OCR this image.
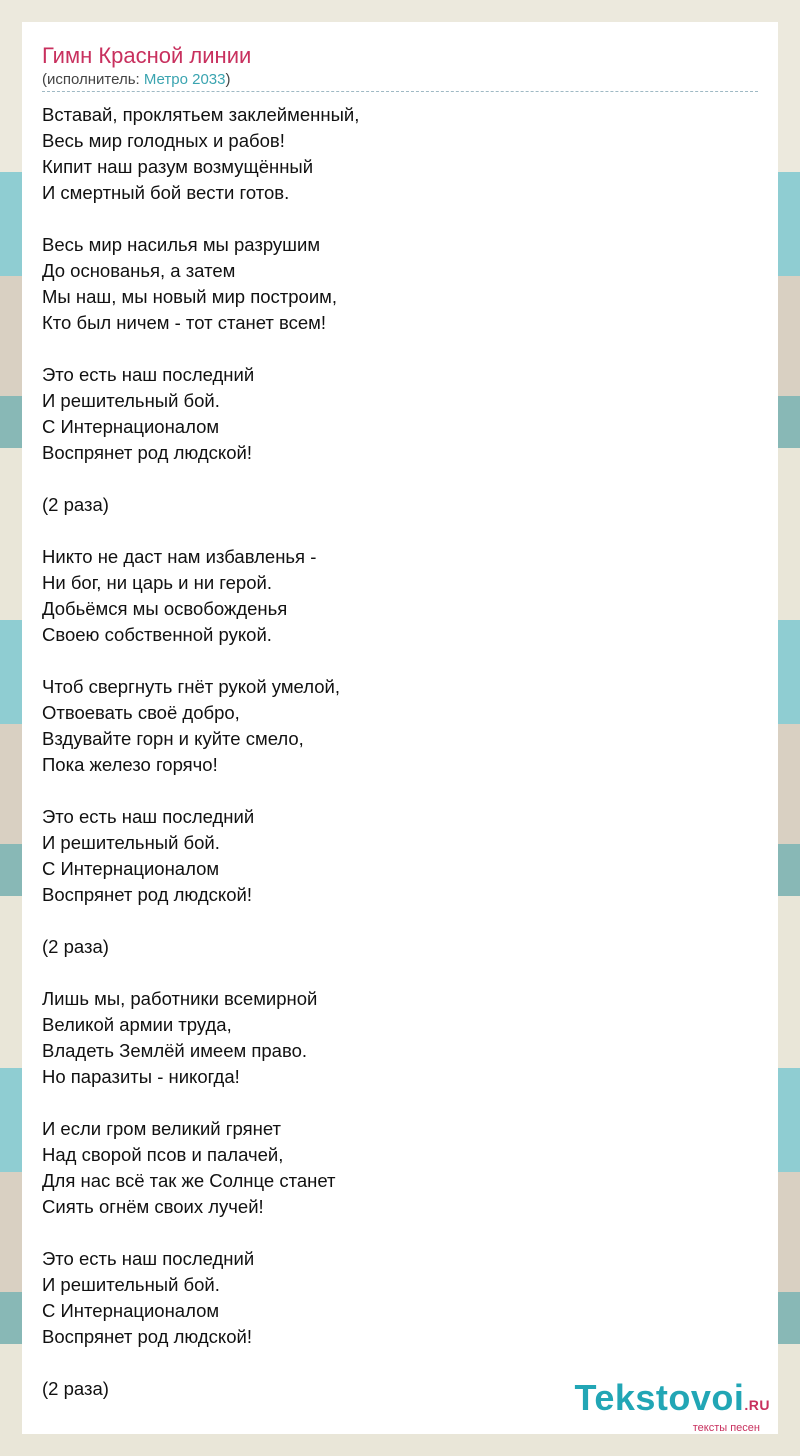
Гимн Красной линии
(исполнитель: Метро 2033)
Вставай, проклятьем заклейменный,
Весь мир голодных и рабов!
Кипит наш разум возмущённый
И смертный бой вести готов.
Весь мир насилья мы разрушим
До основанья, а затем
Мы наш, мы новый мир построим,
Кто был ничем - тот станет всем!
Это есть наш последний
И решительный бой.
С Интернационалом
Воспрянет род людской!
(2 раза)
Никто не даст нам избавленья -
Ни бог, ни царь и ни герой.
Добьёмся мы освобожденья
Своею собственной рукой.
Чтоб свергнуть гнёт рукой умелой,
Отвоевать своё добро,
Вздувайте горн и куйте смело,
Пока железо горячо!
Это есть наш последний
И решительный бой.
С Интернационалом
Воспрянет род людской!
(2 раза)
Лишь мы, работники всемирной
Великой армии труда,
Владеть Землёй имеем право.
Но паразиты - никогда!
И если гром великий грянет
Над сворой псов и палачей,
Для нас всё так же Солнце станет
Сиять огнём своих лучей!
Это есть наш последний
И решительный бой.
С Интернационалом
Воспрянет род людской!
(2 раза)	Tekstovoi.RU
тексты песен
